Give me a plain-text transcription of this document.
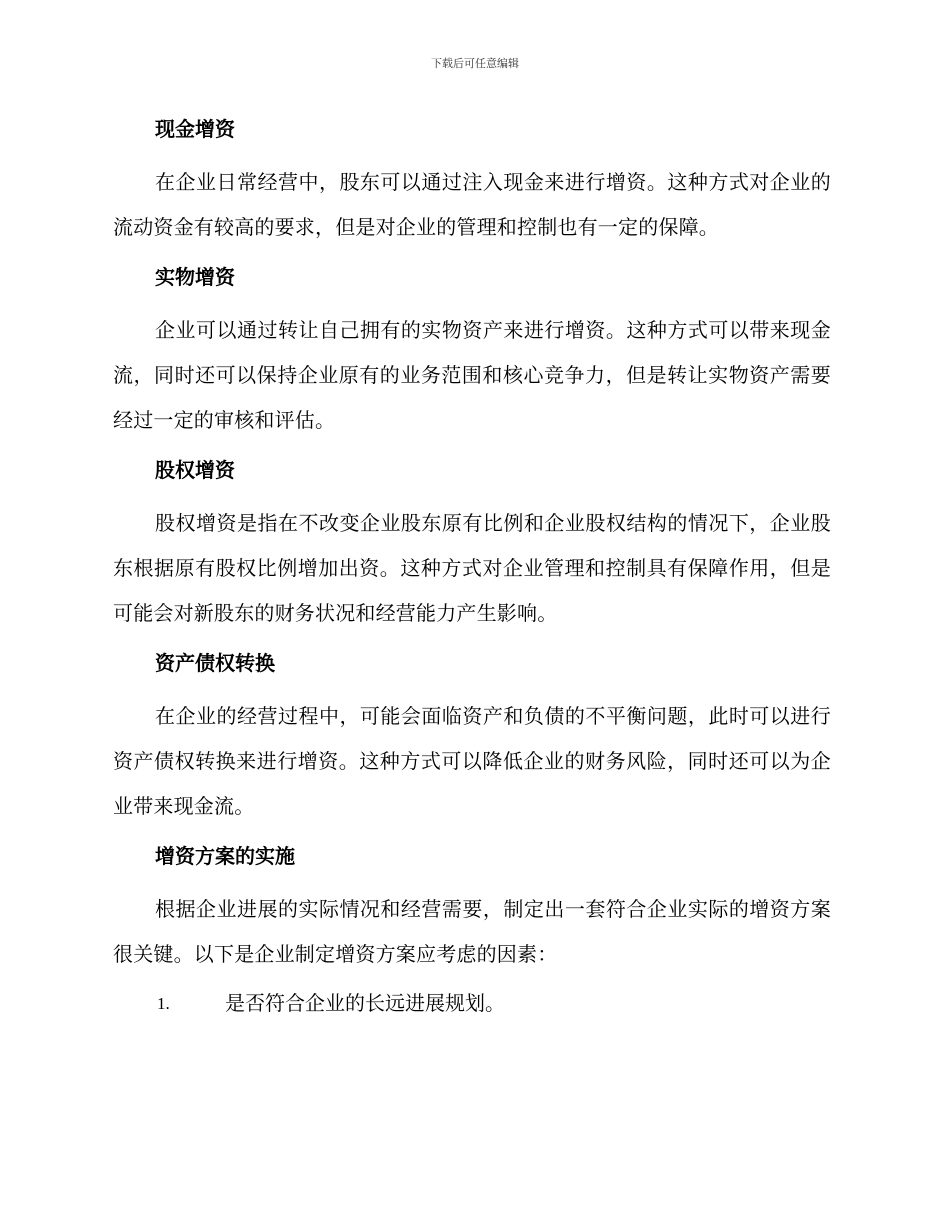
下载后可任意编辑
现金增资

在企业日常经营中，股东可以通过注入现金来进行增资。这种方式对企业的流动资金有较高的要求，但是对企业的管理和控制也有一定的保障。

实物增资

企业可以通过转让自己拥有的实物资产来进行增资。这种方式可以带来现金流，同时还可以保持企业原有的业务范围和核心竞争力，但是转让实物资产需要经过一定的审核和评估。

股权增资

股权增资是指在不改变企业股东原有比例和企业股权结构的情况下，企业股东根据原有股权比例增加出资。这种方式对企业管理和控制具有保障作用，但是可能会对新股东的财务状况和经营能力产生影响。

资产债权转换

在企业的经营过程中，可能会面临资产和负债的不平衡问题，此时可以进行资产债权转换来进行增资。这种方式可以降低企业的财务风险，同时还可以为企业带来现金流。

增资方案的实施

根据企业进展的实际情况和经营需要，制定出一套符合企业实际的增资方案很关键。以下是企业制定增资方案应考虑的因素：

1.	是否符合企业的长远进展规划。
